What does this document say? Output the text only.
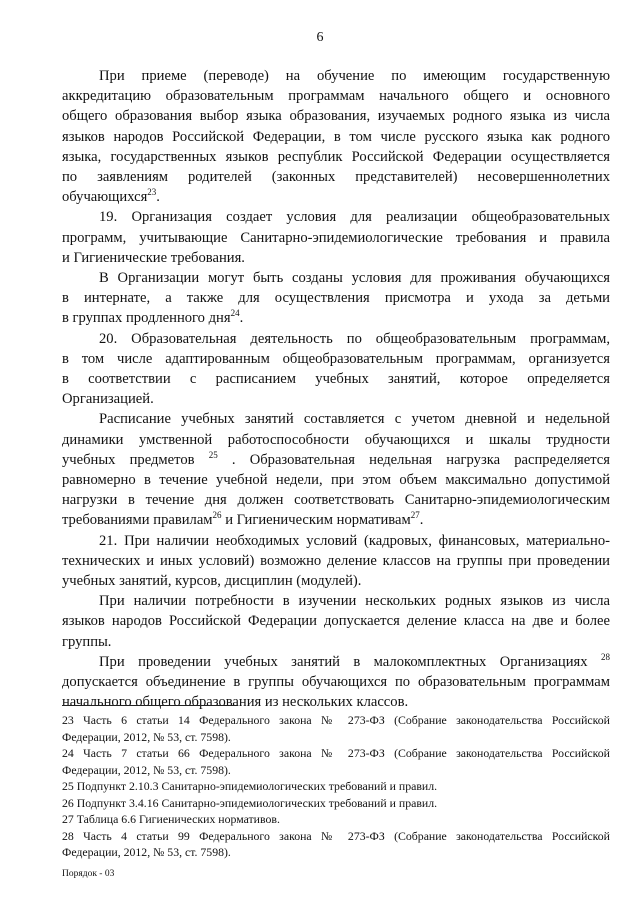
6

При приеме (переводе) на обучение по имеющим государственную
аккредитацию образовательным программам начального общего и основного
общего образования выбор языка образования, изучаемых родного языка из числа
языков народов Российской Федерации, в том числе русского языка как родного
языка, государственных языков республик Российской Федерации осуществляется
по заявлениям родителей (законных представителей) несовершеннолетних
обучающихся$^{23}$.

19. Организация создает условия для реализации общеобразовательных
программ, учитывающие Санитарно-эпидемиологические требования и правила
и Гигиенические требования.

В Организации могут быть созданы условия для проживания обучающихся
в интернате, а также для осуществления присмотра и ухода за детьми
в группах продленного дня$^{24}$.

20. Образовательная деятельность по общеобразовательным программам,
в том числе адаптированным общеобразовательным программам, организуется
в соответствии с расписанием учебных занятий, которое определяется
Организацией.

Расписание учебных занятий составляется с учетом дневной и недельной
динамики умственной работоспособности обучающихся и шкалы трудности
учебных предметов $^{25}$ . Образовательная недельная нагрузка распределяется
равномерно в течение учебной недели, при этом объем максимально допустимой
нагрузки в течение дня должен соответствовать Санитарно-эпидемиологическим
требованиями правилам$^{26}$ и Гигиеническим нормативам$^{27}$.

21. При наличии необходимых условий (кадровых, финансовых, материально-
технических и иных условий) возможно деление классов на группы при проведении
учебных занятий, курсов, дисциплин (модулей).

При наличии потребности в изучении нескольких родных языков из числа
языков народов Российской Федерации допускается деление класса на две и более
группы.

При проведении учебных занятий в малокомплектных Организациях $^{28}$
допускается объединение в группы обучающихся по образовательным программам
начального общего образования из нескольких классов.

23 Часть 6 статьи 14 Федерального закона № 273-ФЗ (Собрание законодательства Российской
Федерации, 2012, № 53, ст. 7598).

24 Часть 7 статьи 66 Федерального закона № 273-ФЗ (Собрание законодательства Российской
Федерации, 2012, № 53, ст. 7598).

25 Подпункт 2.10.3 Санитарно-эпидемиологических требований и правил.

26 Подпункт 3.4.16 Санитарно-эпидемиологических требований и правил.

27 Таблица 6.6 Гигиенических нормативов.

28 Часть 4 статьи 99 Федерального закона № 273-ФЗ (Собрание законодательства Российской
Федерации, 2012, № 53, ст. 7598).

Порядок - 03
